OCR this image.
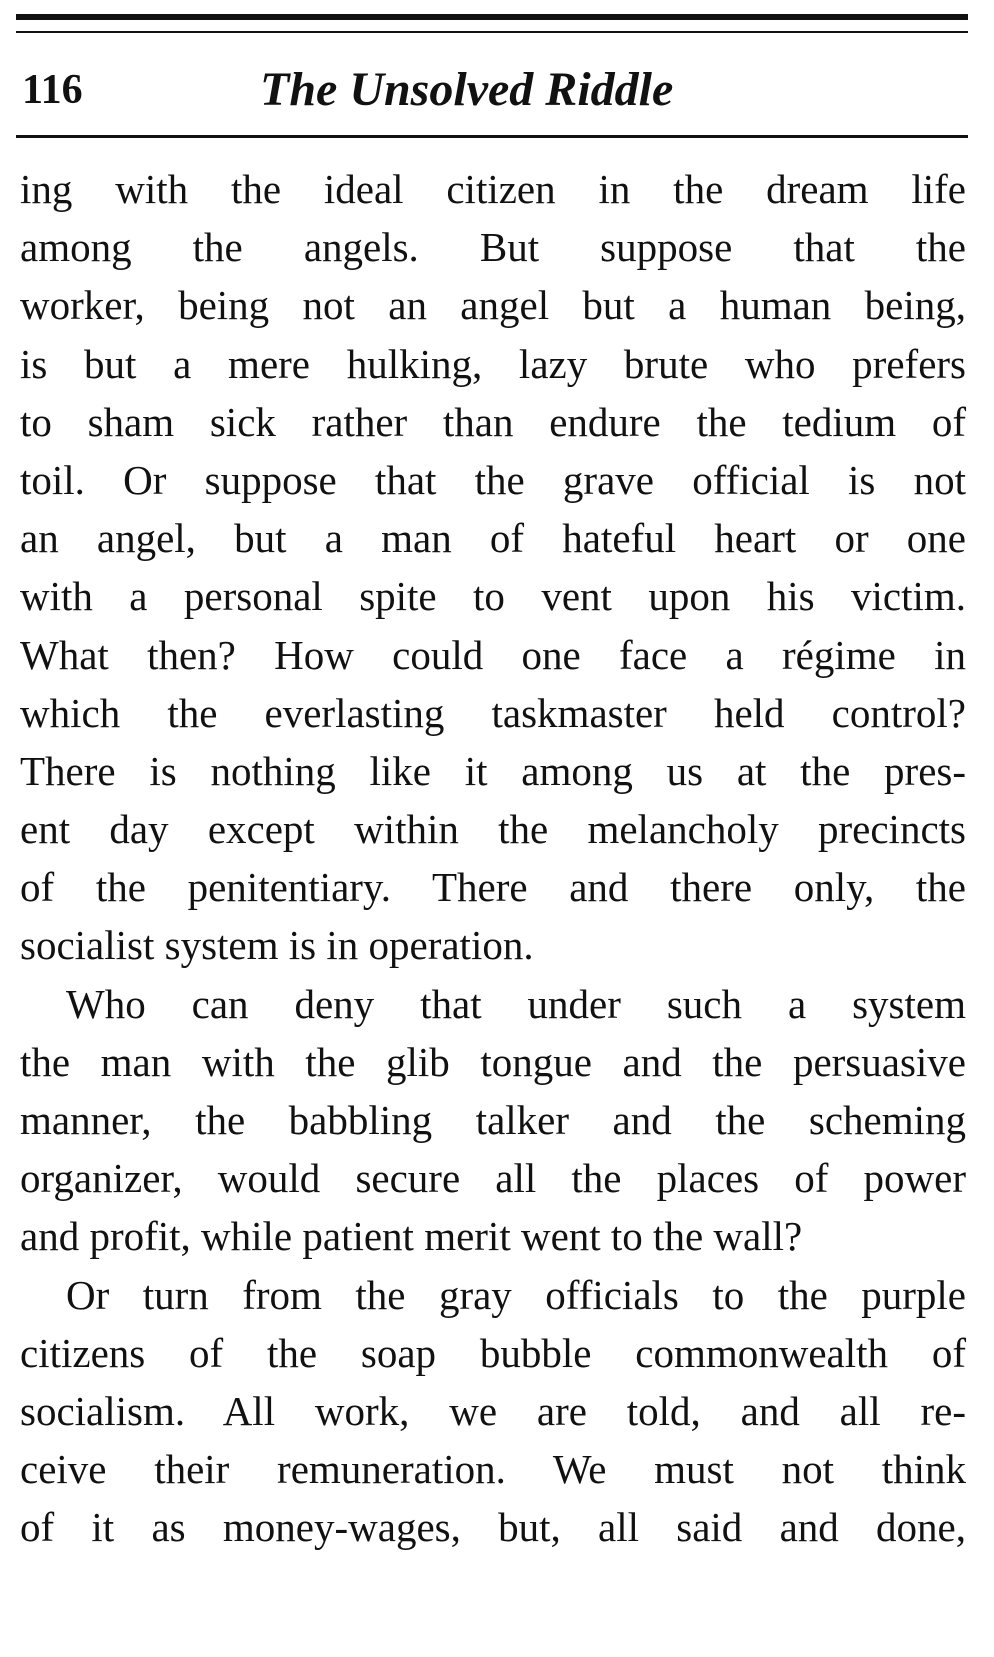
116	The Unsolved Riddle
ing with the ideal citizen in the dream life
among the angels. But suppose that the
worker, being not an angel but a human being,
is but a mere hulking, lazy brute who prefers
to sham sick rather than endure the tedium of
toil. Or suppose that the grave official is not
an angel, but a man of hateful heart or one
with a personal spite to vent upon his victim.
What then? How could one face a régime in
which the everlasting taskmaster held control?
There is nothing like it among us at the pres-
ent day except within the melancholy precincts
of the penitentiary. There and there only, the
socialist system is in operation.
Who can deny that under such a system
the man with the glib tongue and the persuasive
manner, the babbling talker and the scheming
organizer, would secure all the places of power
and profit, while patient merit went to the wall?
Or turn from the gray officials to the purple
citizens of the soap bubble commonwealth of
socialism. All work, we are told, and all re-
ceive their remuneration. We must not think
of it as money-wages, but, all said and done,
